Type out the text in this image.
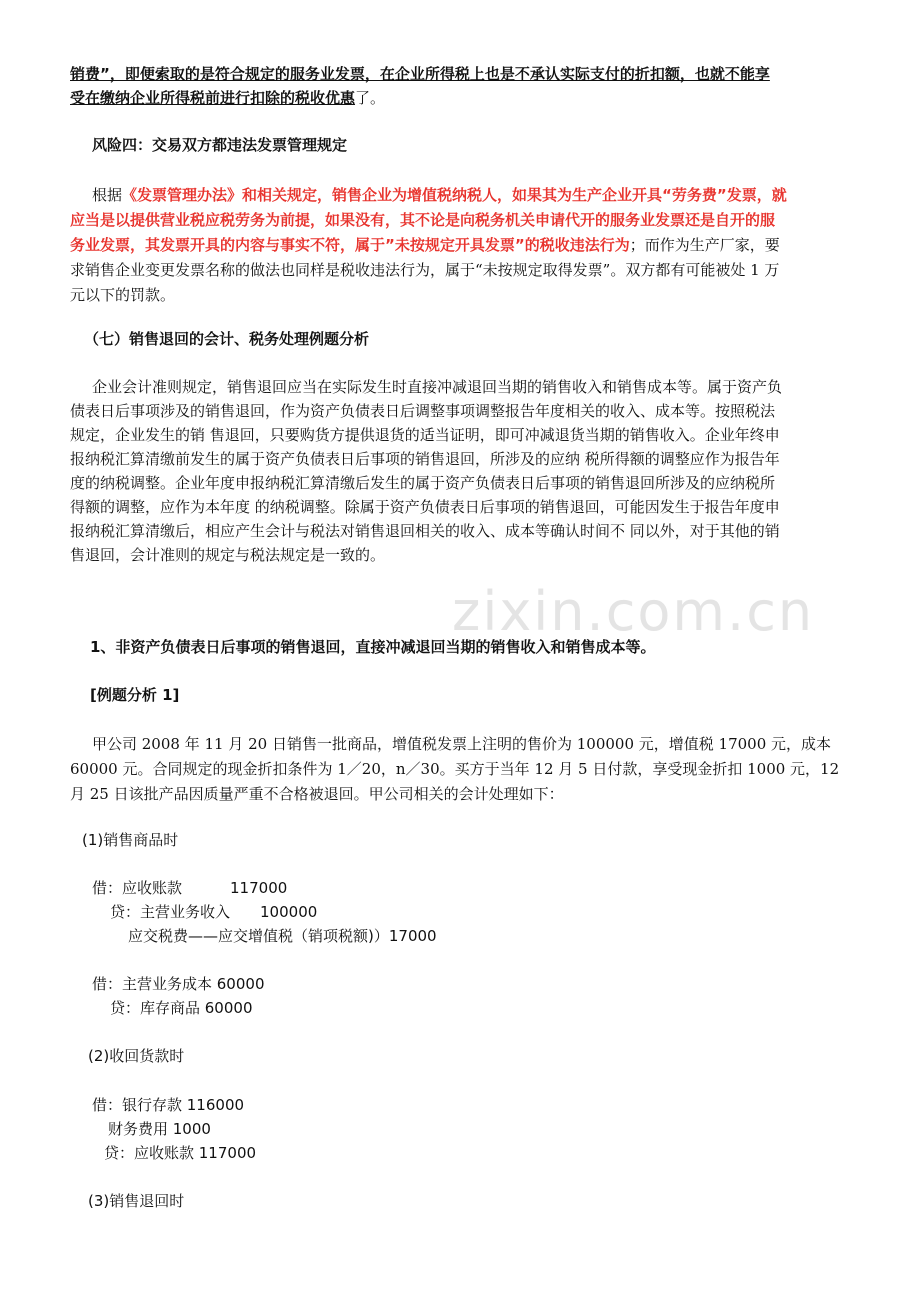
销费”，即便索取的是符合规定的服务业发票，在企业所得税上也是不承认实际支付的折扣额，也就不能享
受在缴纳企业所得税前进行扣除的税收优惠了。
风险四：交易双方都违法发票管理规定
根据《发票管理办法》和相关规定，销售企业为增值税纳税人，如果其为生产企业开具“劳务费”发票，就
应当是以提供营业税应税劳务为前提，如果没有，其不论是向税务机关申请代开的服务业发票还是自开的服
务业发票，其发票开具的内容与事实不符，属于”未按规定开具发票”的税收违法行为；而作为生产厂家，要
求销售企业变更发票名称的做法也同样是税收违法行为，属于“未按规定取得发票”。双方都有可能被处 1 万
元以下的罚款。
（七）销售退回的会计、税务处理例题分析
企业会计准则规定，销售退回应当在实际发生时直接冲减退回当期的销售收入和销售成本等。属于资产负
债表日后事项涉及的销售退回，作为资产负债表日后调整事项调整报告年度相关的收入、成本等。按照税法
规定，企业发生的销 售退回，只要购货方提供退货的适当证明，即可冲减退货当期的销售收入。企业年终申
报纳税汇算清缴前发生的属于资产负债表日后事项的销售退回，所涉及的应纳 税所得额的调整应作为报告年
度的纳税调整。企业年度申报纳税汇算清缴后发生的属于资产负债表日后事项的销售退回所涉及的应纳税所
得额的调整，应作为本年度 的纳税调整。除属于资产负债表日后事项的销售退回，可能因发生于报告年度申
报纳税汇算清缴后，相应产生会计与税法对销售退回相关的收入、成本等确认时间不 同以外，对于其他的销
售退回，会计准则的规定与税法规定是一致的。
zixin.com.cn
1、非资产负债表日后事项的销售退回，直接冲减退回当期的销售收入和销售成本等。
[例题分析 1]
甲公司 2008 年 11 月 20 日销售一批商品，增值税发票上注明的售价为 100000 元，增值税 17000 元，成本
60000 元。合同规定的现金折扣条件为 1／20，n／30。买方于当年 12 月 5 日付款，享受现金折扣 1000 元，12
月 25 日该批产品因质量严重不合格被退回。甲公司相关的会计处理如下：
(1)销售商品时
借：应收账款	117000
贷：主营业务收入 100000
应交税费——应交增值税（销项税额)）17000
借：主营业务成本 60000
贷：库存商品 60000
(2)收回货款时
借：银行存款 116000
财务费用 1000
贷：应收账款 117000
(3)销售退回时
